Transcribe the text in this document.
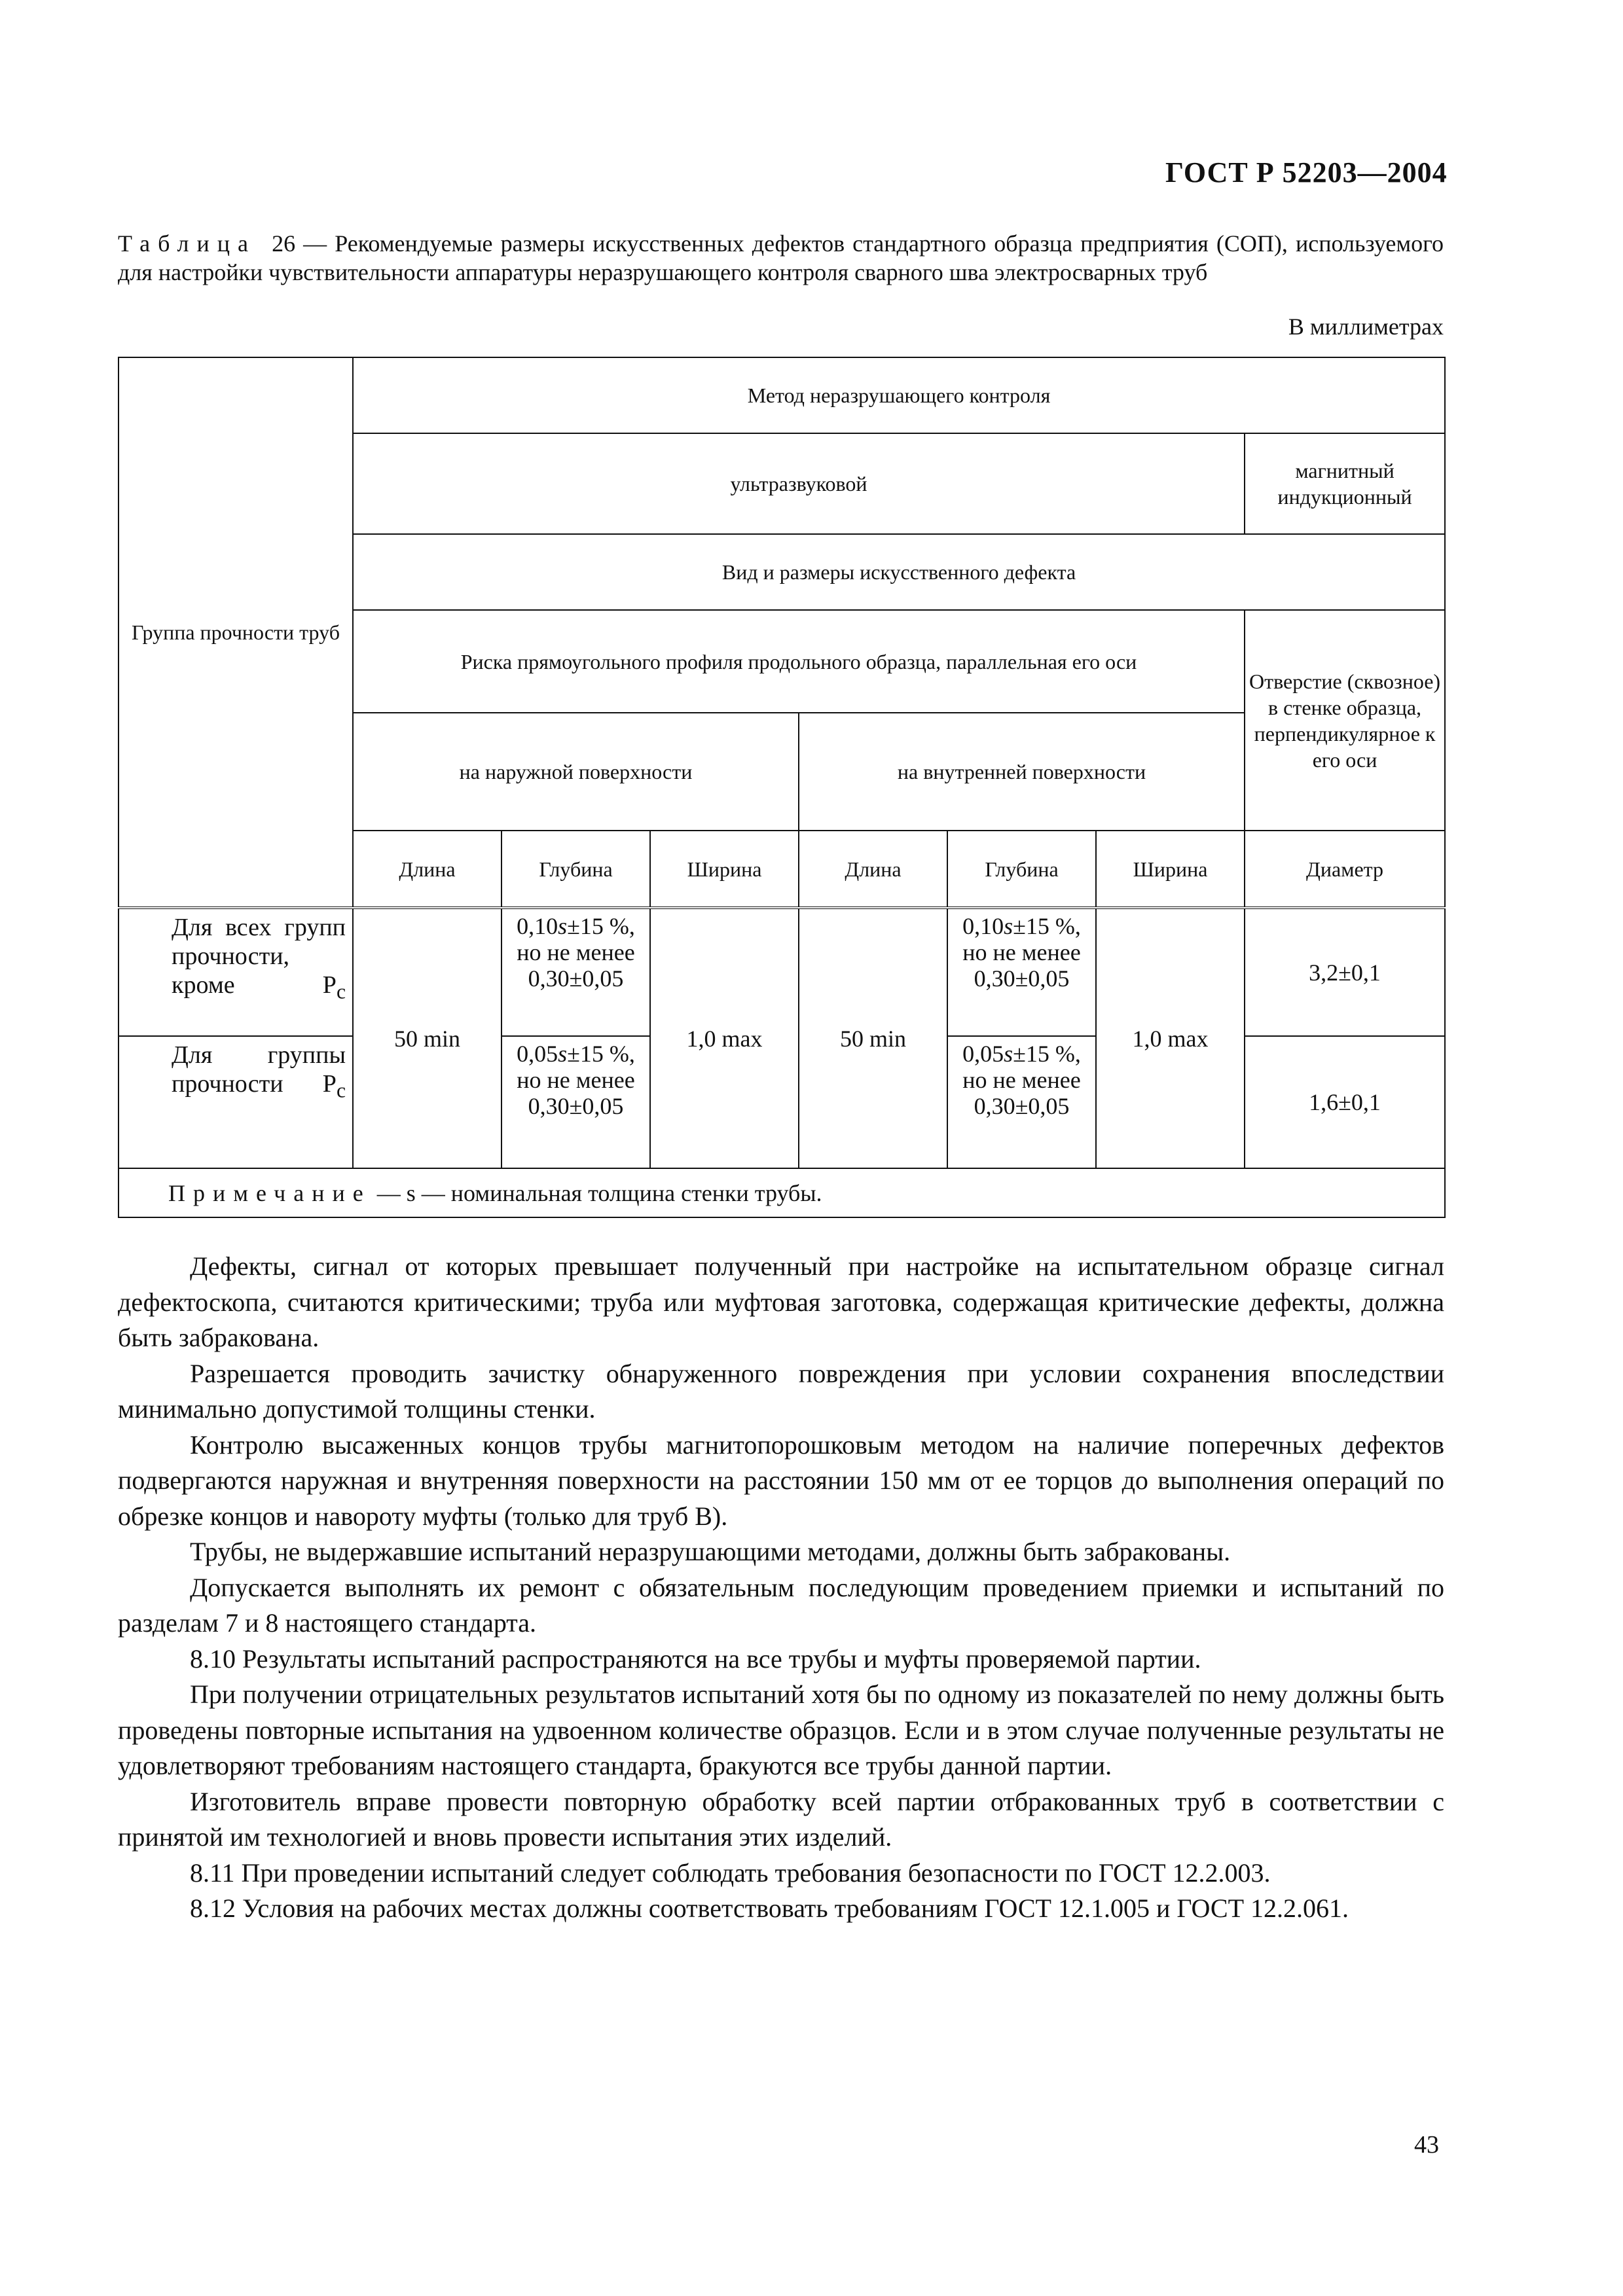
ГОСТ Р 52203—2004
Таблица 26 — Рекомендуемые размеры искусственных дефектов стандартного образца предприятия (СОП), используемого для настройки чувствительности аппаратуры неразрушающего контроля сварного шва электросварных труб
В миллиметрах
Группа прочности труб	Метод неразрушающего контроля						
	ультразвуковой						магнитный индукционный
	Вид и размеры искусственного дефекта						
	Риска прямоугольного профиля продольного образца, параллельная его оси						Отверстие (сквозное) в стенке образца, перпендикулярное к его оси
	на наружной поверхности			на внутренней поверхности			
	Длина	Глубина	Ширина	Длина	Глубина	Ширина	Диаметр
Для всех групп прочности, кроме $Р_с$	50 min	0,10s±15 %, но не менее 0,30±0,05	1,0 max	50 min	0,10s±15 %, но не менее 0,30±0,05	1,0 max	3,2±0,1
Для группы прочности $Р_с$		0,05s±15 %, но не менее 0,30±0,05			0,05s±15 %, но не менее 0,30±0,05		1,6±0,1
Примечание — s — номинальная толщина стенки трубы.							

Дефекты, сигнал от которых превышает полученный при настройке на испытательном образце сигнал дефектоскопа, считаются критическими; труба или муфтовая заготовка, содержащая критические дефекты, должна быть забракована.

Разрешается проводить зачистку обнаруженного повреждения при условии сохранения впоследствии минимально допустимой толщины стенки.

Контролю высаженных концов трубы магнитопорошковым методом на наличие поперечных дефектов подвергаются наружная и внутренняя поверхности на расстоянии 150 мм от ее торцов до выполнения операций по обрезке концов и навороту муфты (только для труб В).

Трубы, не выдержавшие испытаний неразрушающими методами, должны быть забракованы.

Допускается выполнять их ремонт с обязательным последующим проведением приемки и испытаний по разделам 7 и 8 настоящего стандарта.

8.10 Результаты испытаний распространяются на все трубы и муфты проверяемой партии.

При получении отрицательных результатов испытаний хотя бы по одному из показателей по нему должны быть проведены повторные испытания на удвоенном количестве образцов. Если и в этом случае полученные результаты не удовлетворяют требованиям настоящего стандарта, бракуются все трубы данной партии.

Изготовитель вправе провести повторную обработку всей партии отбракованных труб в соответствии с принятой им технологией и вновь провести испытания этих изделий.

8.11 При проведении испытаний следует соблюдать требования безопасности по ГОСТ 12.2.003.

8.12 Условия на рабочих местах должны соответствовать требованиям ГОСТ 12.1.005 и ГОСТ 12.2.061.

43
